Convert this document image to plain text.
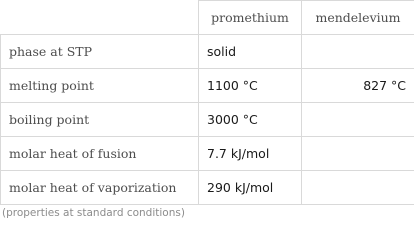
	promethium	mendelevium
phase at STP	solid	
melting point	1100 °C	827 °C
boiling point	3000 °C	
molar heat of fusion	7.7 kJ/mol	
molar heat of vaporization	290 kJ/mol	
(properties at standard conditions)
